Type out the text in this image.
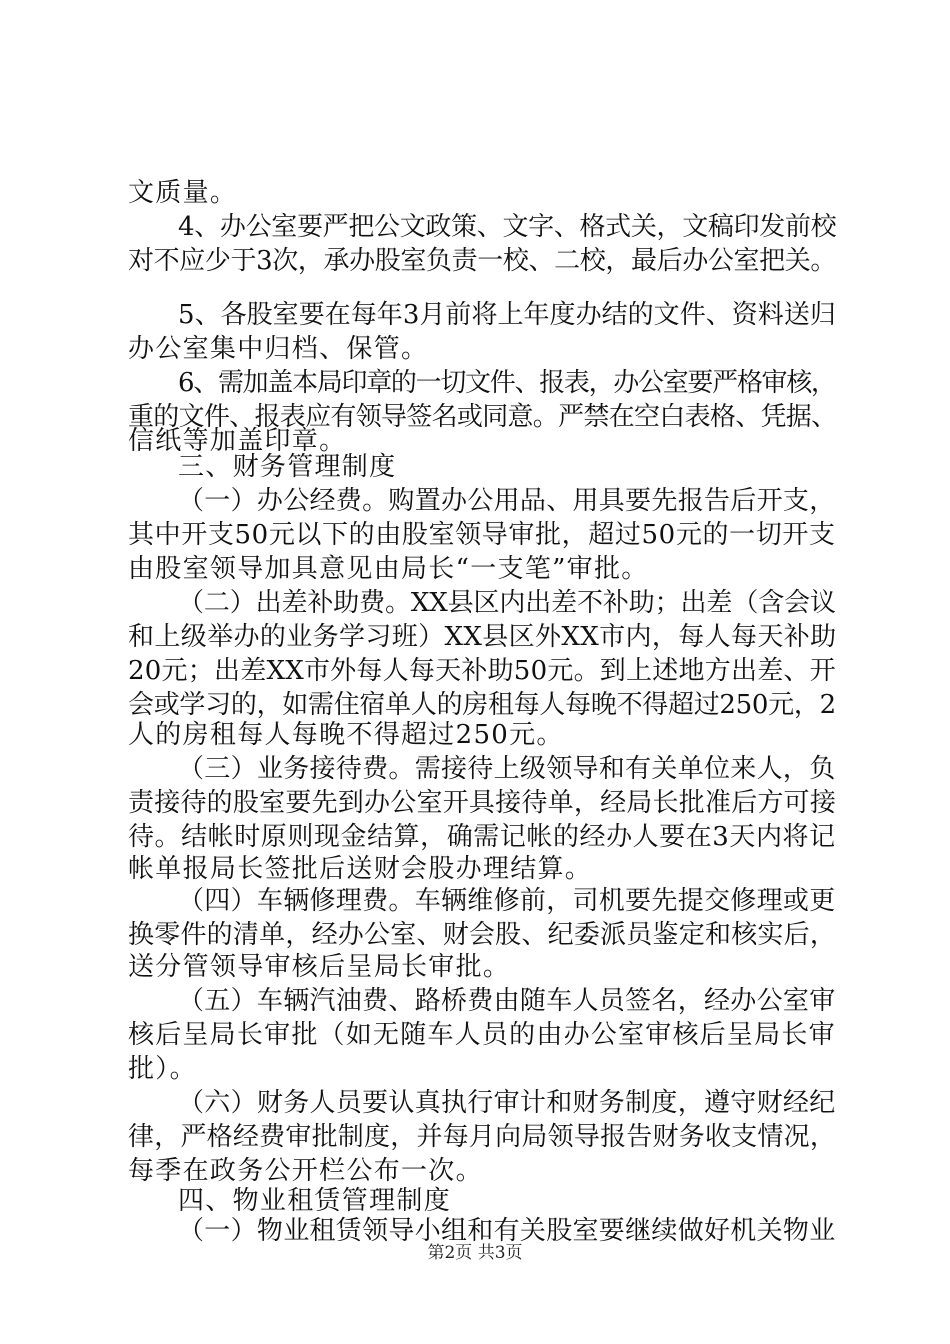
文质量。
4、办公室要严把公文政策、文字、格式关，文稿印发前校
对不应少于3次，承办股室负责一校、二校，最后办公室把关。
5、各股室要在每年3月前将上年度办结的文件、资料送归
办公室集中归档、保管。
6、需加盖本局印章的一切文件、报表，办公室要严格审核，
重的文件、报表应有领导签名或同意。严禁在空白表格、凭据、
信纸等加盖印章。
三、财务管理制度
（一）办公经费。购置办公用品、用具要先报告后开支，
其中开支50元以下的由股室领导审批，超过50元的一切开支
由股室领导加具意见由局长“一支笔”审批。
（二）出差补助费。XX县区内出差不补助；出差（含会议
和上级举办的业务学习班）XX县区外XX市内，每人每天补助
20元；出差XX市外每人每天补助50元。到上述地方出差、开
会或学习的，如需住宿单人的房租每人每晚不得超过250元，2
人的房租每人每晚不得超过250元。
（三）业务接待费。需接待上级领导和有关单位来人，负
责接待的股室要先到办公室开具接待单，经局长批准后方可接
待。结帐时原则现金结算，确需记帐的经办人要在3天内将记
帐单报局长签批后送财会股办理结算。
（四）车辆修理费。车辆维修前，司机要先提交修理或更
换零件的清单，经办公室、财会股、纪委派员鉴定和核实后，
送分管领导审核后呈局长审批。
（五）车辆汽油费、路桥费由随车人员签名，经办公室审
核后呈局长审批（如无随车人员的由办公室审核后呈局长审
批）。
（六）财务人员要认真执行审计和财务制度，遵守财经纪
律，严格经费审批制度，并每月向局领导报告财务收支情况，
每季在政务公开栏公布一次。
四、物业租赁管理制度
（一）物业租赁领导小组和有关股室要继续做好机关物业
第2页 共3页
